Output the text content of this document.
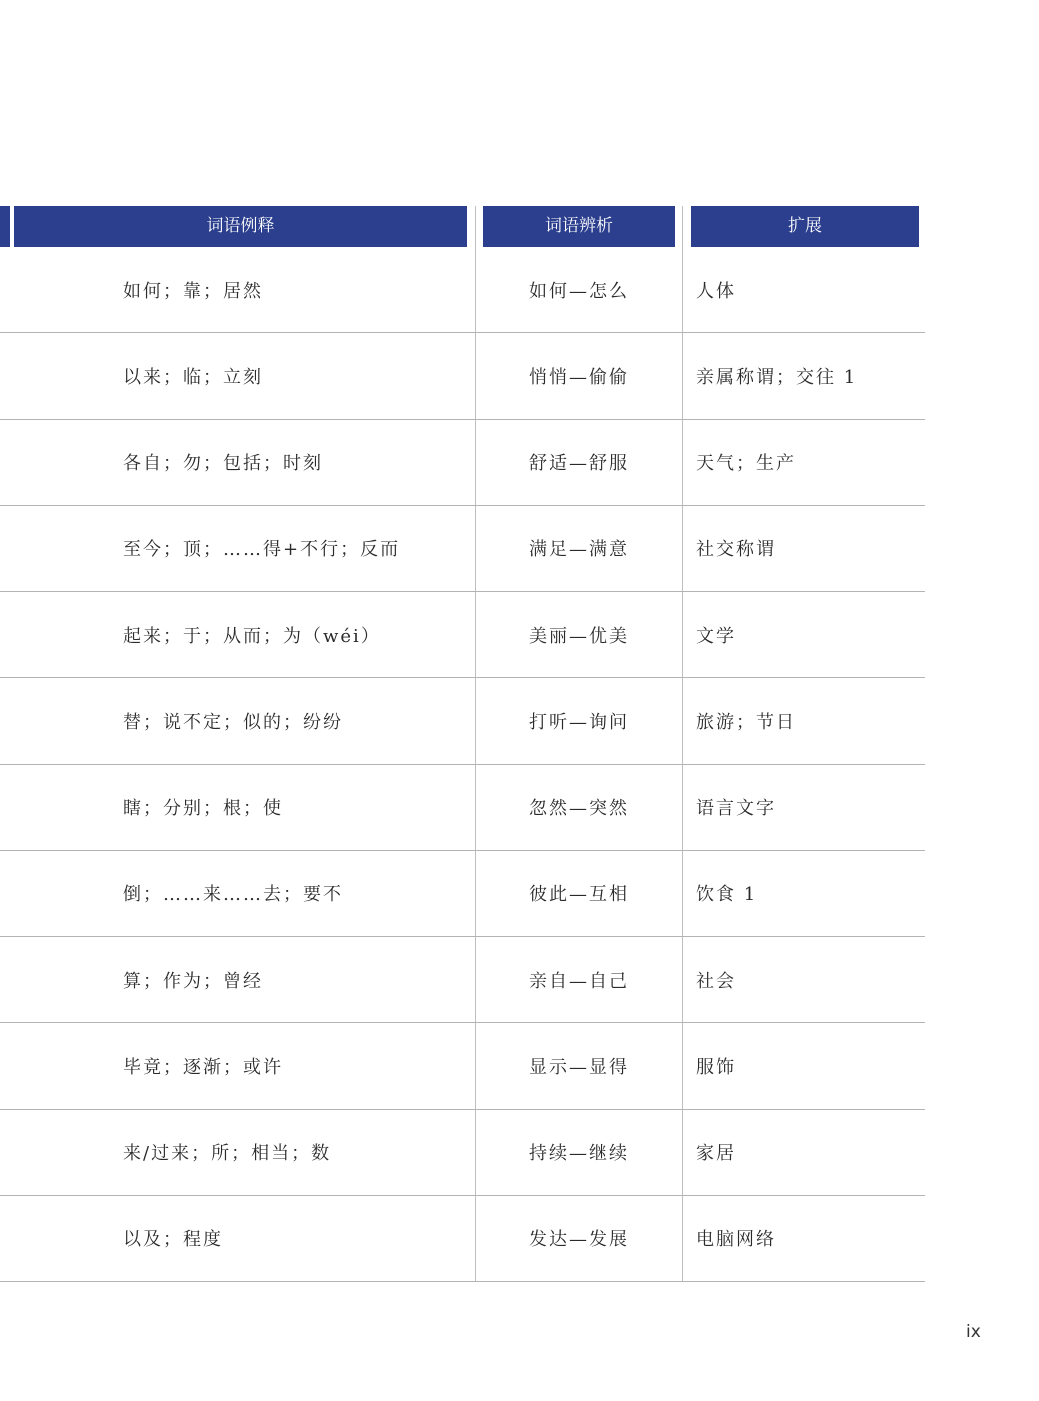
词语例释	词语辨析	扩展
如何；靠；居然	如何—怎么	人体
以来；临；立刻	悄悄—偷偷	亲属称谓；交往 1
各自；勿；包括；时刻	舒适—舒服	天气；生产
至今；顶；……得+不行；反而	满足—满意	社交称谓
起来；于；从而；为（wéi）	美丽—优美	文学
替；说不定；似的；纷纷	打听—询问	旅游；节日
瞎；分别；根；使	忽然—突然	语言文字
倒；……来……去；要不	彼此—互相	饮食 1
算；作为；曾经	亲自—自己	社会
毕竟；逐渐；或许	显示—显得	服饰
来/过来；所；相当；数	持续—继续	家居
以及；程度	发达—发展	电脑网络
ix
